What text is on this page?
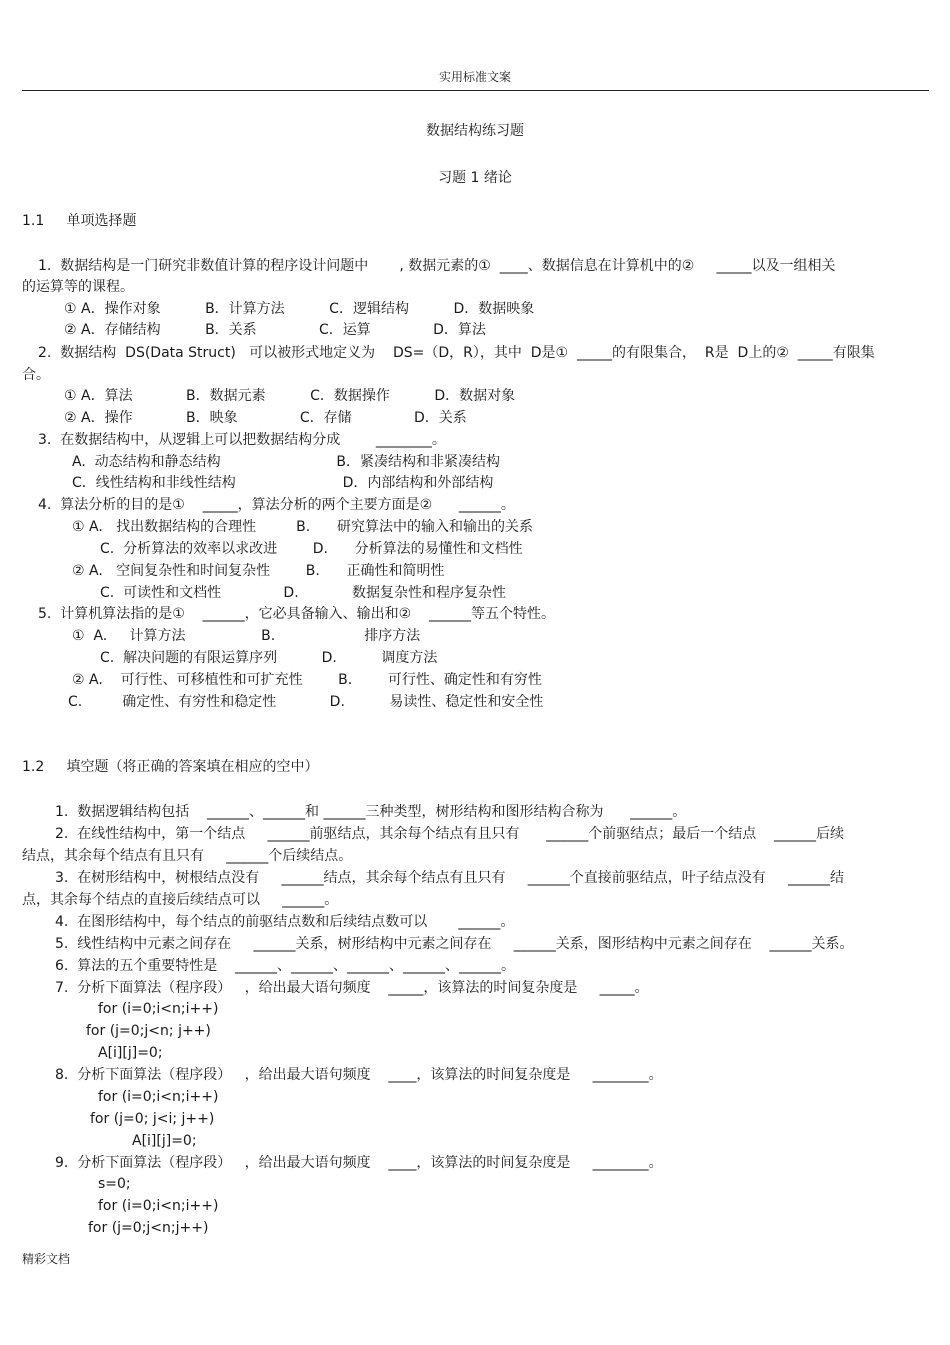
实用标准文案
数据结构练习题
习题 1 绪论
1.1     单项选择题
1.  数据结构是一门研究非数值计算的程序设计问题中       , 数据元素的①  ____、数据信息在计算机中的②     _____以及一组相关
的运算等的课程。
① A．操作对象          B．计算方法          C．逻辑结构          D．数据映象
② A．存储结构          B．关系              C．运算              D．算法
2.  数据结构  DS(Data Struct)   可以被形式地定义为    DS=（D，R），其中  D是①  _____的有限集合，  R是  D上的②  _____有限集
合。
① A．算法            B．数据元素          C．数据操作          D．数据对象
② A．操作            B．映象              C．存储              D．关系
3.  在数据结构中，从逻辑上可以把数据结构分成        ________。
A.  动态结构和静态结构                          B．紧凑结构和非紧凑结构
C．线性结构和非线性结构                        D．内部结构和外部结构
4.  算法分析的目的是①    _____，算法分析的两个主要方面是②      ______。
① A.   找出数据结构的合理性         B.      研究算法中的输入和输出的关系
C.  分析算法的效率以求改进        D.      分析算法的易懂性和文档性
② A.   空间复杂性和时间复杂性        B.      正确性和简明性
C.  可读性和文档性              D.            数据复杂性和程序复杂性
5.  计算机算法指的是①    ______，它必具备输入、输出和②    ______等五个特性。
①  A.     计算方法                 B.                    排序方法
C.  解决问题的有限运算序列          D.          调度方法
② A.    可行性、可移植性和可扩充性        B.        可行性、确定性和有穷性
C.         确定性、有穷性和稳定性            D.          易读性、稳定性和安全性
1.2     填空题（将正确的答案填在相应的空中）
1.  数据逻辑结构包括    ______、______和 ______三种类型，树形结构和图形结构合称为      ______。
2.  在线性结构中，第一个结点     ______前驱结点，其余每个结点有且只有      ______个前驱结点；最后一个结点    ______后续
结点，其余每个结点有且只有     ______个后续结点。
3.  在树形结构中，树根结点没有     ______结点，其余每个结点有且只有     ______个直接前驱结点，叶子结点没有     ______结
点，其余每个结点的直接后续结点可以     ______。
4.  在图形结构中，每个结点的前驱结点数和后续结点数可以       ______。
5.  线性结构中元素之间存在     ______关系，树形结构中元素之间存在     ______关系，图形结构中元素之间存在    ______关系。
6.  算法的五个重要特性是    ______、______、______、______、______。
7.  分析下面算法（程序段）   ，给出最大语句频度    _____，该算法的时间复杂度是     _____。
for (i=0;i<n;i++)
for (j=0;j<n; j++)
A[i][j]=0;
8.  分析下面算法（程序段）   ，给出最大语句频度    ____，该算法的时间复杂度是     ________。
for (i=0;i<n;i++)
for (j=0; j<i; j++)
A[i][j]=0;
9.  分析下面算法（程序段）   ，给出最大语句频度    ____，该算法的时间复杂度是     ________。
s=0;
for (i=0;i<n;i++)
for (j=0;j<n;j++)
精彩文档
